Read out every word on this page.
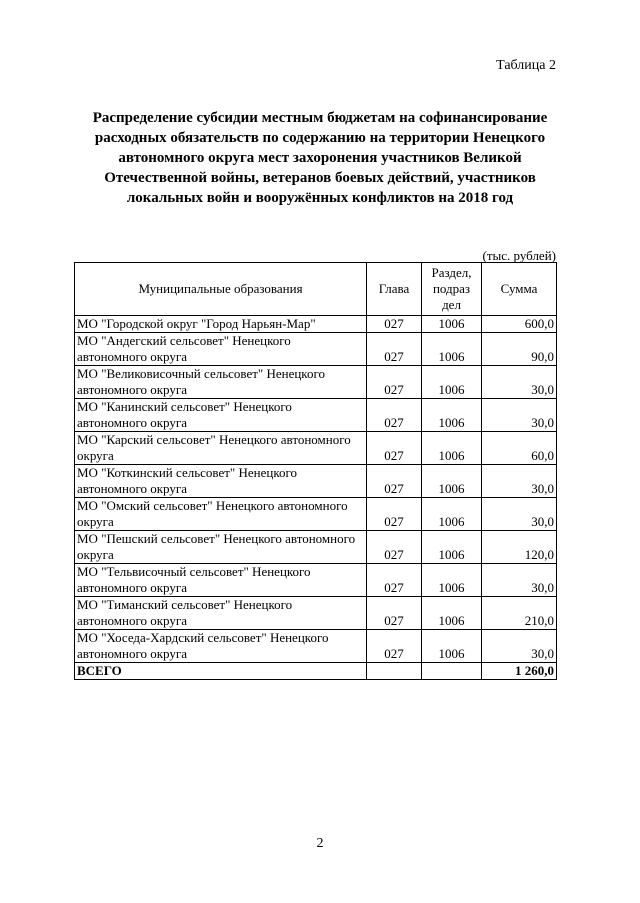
Таблица 2
Распределение субсидии местным бюджетам на софинансирование
расходных обязательств по содержанию на территории Ненецкого
автономного округа мест захоронения участников Великой
Отечественной войны, ветеранов боевых действий, участников
локальных войн и вооружённых конфликтов на 2018 год
(тыс. рублей)
Муниципальные образования	Глава	Раздел, подраз дел	Сумма
МО "Городской округ "Город Нарьян-Мар"	027	1006	600,0
МО "Андегский сельсовет" Ненецкого автономного округа	027	1006	90,0
МО "Великовисочный сельсовет" Ненецкого автономного округа	027	1006	30,0
МО "Канинский сельсовет" Ненецкого автономного округа	027	1006	30,0
МО "Карский сельсовет" Ненецкого автономного округа	027	1006	60,0
МО "Коткинский сельсовет" Ненецкого автономного округа	027	1006	30,0
МО "Омский сельсовет" Ненецкого автономного округа	027	1006	30,0
МО "Пешский сельсовет" Ненецкого автономного округа	027	1006	120,0
МО "Тельвисочный сельсовет" Ненецкого автономного округа	027	1006	30,0
МО "Тиманский сельсовет" Ненецкого автономного округа	027	1006	210,0
МО "Хоседа-Хардский сельсовет" Ненецкого автономного округа	027	1006	30,0
ВСЕГО			1 260,0
2
